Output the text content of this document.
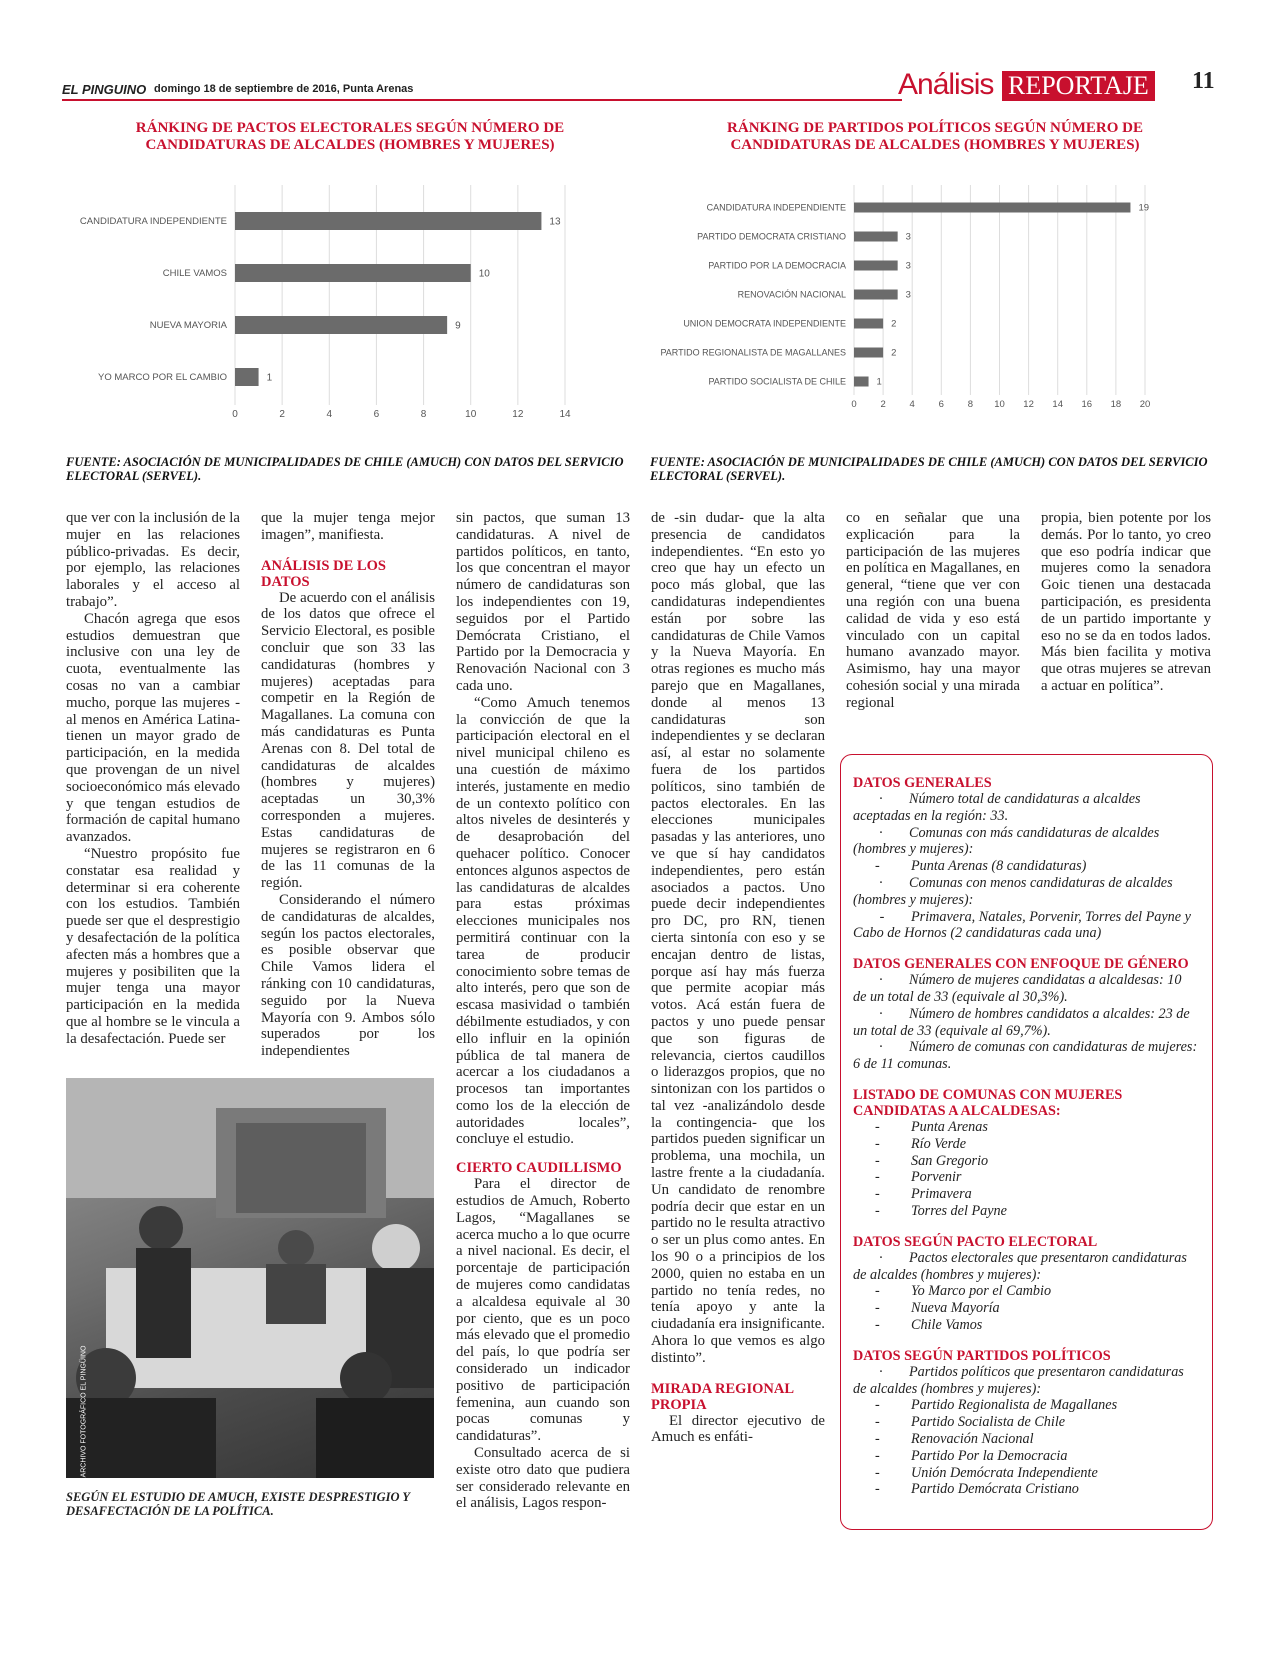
EL PINGUINO domingo 18 de septiembre de 2016, Punta Arenas	Análisis REPORTAJE 11
RÁNKING DE PACTOS ELECTORALES SEGÚN NÚMERO DE CANDIDATURAS DE ALCALDES (HOMBRES Y MUJERES)
RÁNKING DE PARTIDOS POLÍTICOS SEGÚN NÚMERO DE CANDIDATURAS DE ALCALDES (HOMBRES Y MUJERES)
0	2	4	6	8	10	12	14
CANDIDATURA INDEPENDIENTE	13
CHILE VAMOS	10
NUEVA MAYORIA	9
YO MARCO POR EL CAMBIO	1
0	2	4	6	8 10 12 14 16 18 20
CANDIDATURA INDEPENDIENTE	19
PARTIDO DEMOCRATA CRISTIANO	3
PARTIDO POR LA DEMOCRACIA	3
RENOVACIÓN NACIONAL	3
UNION DEMOCRATA INDEPENDIENTE	2
PARTIDO REGIONALISTA DE MAGALLANES	2
PARTIDO SOCIALISTA DE CHILE	1
FUENTE: ASOCIACIÓN DE MUNICIPALIDADES DE CHILE (AMUCH) CON DATOS DEL SERVICIO ELECTORAL (SERVEL).
FUENTE: ASOCIACIÓN DE MUNICIPALIDADES DE CHILE (AMUCH) CON DATOS DEL SERVICIO ELECTORAL (SERVEL).

que ver con la inclusión de la mujer en las relaciones público-privadas. Es decir, por ejemplo, las relaciones laborales y el acceso al trabajo”.

Chacón agrega que esos estudios demuestran que inclusive con una ley de cuota, eventualmente las cosas no van a cambiar mucho, porque las mujeres -al menos en América Latina- tienen un mayor grado de participación, en la medida que provengan de un nivel socioeconómico más elevado y que tengan estudios de formación de capital humano avanzados.

“Nuestro propósito fue constatar esa realidad y determinar si era coherente con los estudios. También puede ser que el desprestigio y desafectación de la política afecten más a hombres que a mujeres y posibiliten que la mujer tenga una mayor participación en la medida que al hombre se le vincula a la desafectación. Puede ser

que la mujer tenga mejor imagen”, manifiesta.

ANÁLISIS DE LOS DATOS

De acuerdo con el análisis de los datos que ofrece el Servicio Electoral, es posible concluir que son 33 las candidaturas (hombres y mujeres) aceptadas para competir en la Región de Magallanes. La comuna con más candidaturas es Punta Arenas con 8. Del total de candidaturas de alcaldes (hombres y mujeres) aceptadas un 30,3% corresponden a mujeres. Estas candidaturas de mujeres se registraron en 6 de las 11 comunas de la región.

Considerando el número de candidaturas de alcaldes, según los pactos electorales, es posible observar que Chile Vamos lidera el ránking con 10 candidaturas, seguido por la Nueva Mayoría con 9. Ambos sólo superados por los independientes

sin pactos, que suman 13 candidaturas. A nivel de partidos políticos, en tanto, los que concentran el mayor número de candidaturas son los independientes con 19, seguidos por el Partido Demócrata Cristiano, el Partido por la Democracia y Renovación Nacional con 3 cada uno.

“Como Amuch tenemos la convicción de que la participación electoral en el nivel municipal chileno es una cuestión de máximo interés, justamente en medio de un contexto político con altos niveles de desinterés y de desaprobación del quehacer político. Conocer entonces algunos aspectos de las candidaturas de alcaldes para estas próximas elecciones municipales nos permitirá continuar con la tarea de producir conocimiento sobre temas de alto interés, pero que son de escasa masividad o también débilmente estudiados, y con ello influir en la opinión pública de tal manera de acercar a los ciudadanos a procesos tan importantes como los de la elección de autoridades locales”, concluye el estudio.

CIERTO CAUDILLISMO

Para el director de estudios de Amuch, Roberto Lagos, “Magallanes se acerca mucho a lo que ocurre a nivel nacional. Es decir, el porcentaje de participación de mujeres como candidatas a alcaldesa equivale al 30 por ciento, que es un poco más elevado que el promedio del país, lo que podría ser considerado un indicador positivo de participación femenina, aun cuando son pocas comunas y candidaturas”.

Consultado acerca de si existe otro dato que pudiera ser considerado relevante en el análisis, Lagos respon-

de -sin dudar- que la alta presencia de candidatos independientes. “En esto yo creo que hay un efecto un poco más global, que las candidaturas independientes están por sobre las candidaturas de Chile Vamos y la Nueva Mayoría. En otras regiones es mucho más parejo que en Magallanes, donde al menos 13 candidaturas son independientes y se declaran así, al estar no solamente fuera de los partidos políticos, sino también de pactos electorales. En las elecciones municipales pasadas y las anteriores, uno ve que sí hay candidatos independientes, pero están asociados a pactos. Uno puede decir independientes pro DC, pro RN, tienen cierta sintonía con eso y se encajan dentro de listas, porque así hay más fuerza que permite acopiar más votos. Acá están fuera de pactos y uno puede pensar que son figuras de relevancia, ciertos caudillos o liderazgos propios, que no sintonizan con los partidos o tal vez -analizándolo desde la contingencia- que los partidos pueden significar un problema, una mochila, un lastre frente a la ciudadanía. Un candidato de renombre podría decir que estar en un partido no le resulta atractivo o ser un plus como antes. En los 90 o a principios de los 2000, quien no estaba en un partido no tenía redes, no tenía apoyo y ante la ciudadanía era insignificante. Ahora lo que vemos es algo distinto”.

MIRADA REGIONAL PROPIA

El director ejecutivo de Amuch es enfáti-

co en señalar que una explicación para la participación de las mujeres en política en Magallanes, en general, “tiene que ver con una región con una buena calidad de vida y eso está vinculado con un capital humano avanzado mayor. Asimismo, hay una mayor cohesión social y una mirada regional

propia, bien potente por los demás. Por lo tanto, yo creo que eso podría indicar que mujeres como la senadora Goic tienen una destacada participación, es presidenta de un partido importante y eso no se da en todos lados. Más bien facilita y motiva que otras mujeres se atrevan a actuar en política”.

ARCHIVO FOTOGRÁFICO EL PINGÜINO
SEGÚN EL ESTUDIO DE AMUCH, EXISTE DESPRESTIGIO Y DESAFECTACIÓN DE LA POLÍTICA.
DATOS GENERALES
· Número total de candidaturas a alcaldes aceptadas en la región: 33.
· Comunas con más candidaturas de alcaldes (hombres y mujeres):
- Punta Arenas (8 candidaturas)
· Comunas con menos candidaturas de alcaldes (hombres y mujeres):
- Primavera, Natales, Porvenir, Torres del Payne y Cabo de Hornos (2 candidaturas cada una)
DATOS GENERALES CON ENFOQUE DE GÉNERO
· Número de mujeres candidatas a alcaldesas: 10 de un total de 33 (equivale al 30,3%).
· Número de hombres candidatos a alcaldes: 23 de un total de 33 (equivale al 69,7%).
· Número de comunas con candidaturas de mujeres: 6 de 11 comunas.
LISTADO DE COMUNAS CON MUJERES CANDIDATAS A ALCALDESAS:
- Punta Arenas
- Río Verde
- San Gregorio
- Porvenir
- Primavera
- Torres del Payne
DATOS SEGÚN PACTO ELECTORAL
· Pactos electorales que presentaron candidaturas de alcaldes (hombres y mujeres):
- Yo Marco por el Cambio
- Nueva Mayoría
- Chile Vamos
DATOS SEGÚN PARTIDOS POLÍTICOS
· Partidos políticos que presentaron candidaturas de alcaldes (hombres y mujeres):
- Partido Regionalista de Magallanes
- Partido Socialista de Chile
- Renovación Nacional
- Partido Por la Democracia
- Unión Demócrata Independiente
- Partido Demócrata Cristiano
